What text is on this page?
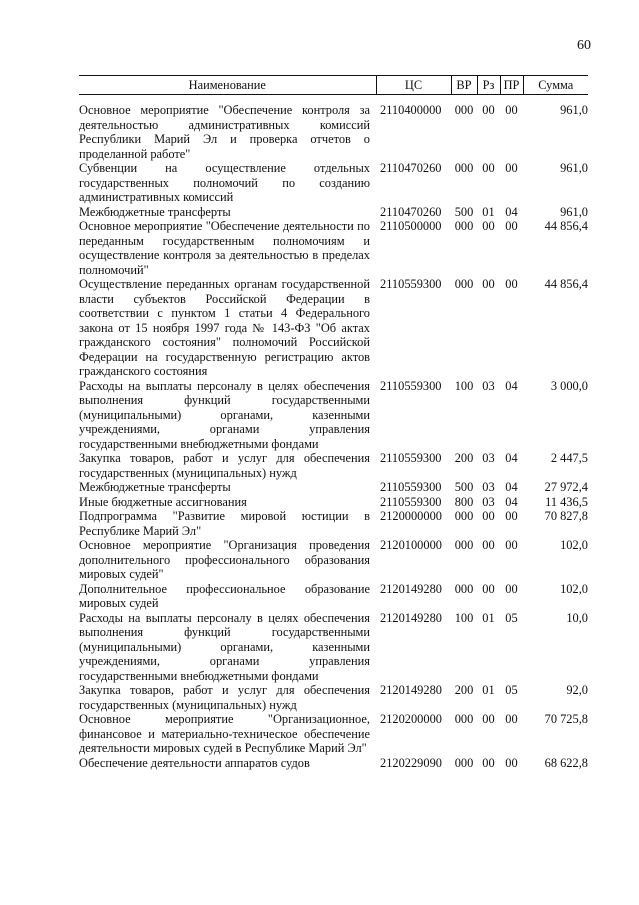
60
Наименование	ЦС	ВР	Рз	ПР	Сумма
Основное мероприятие "Обеспечение контроля за деятельностью административных комиссий Республики Марий Эл и проверка отчетов о проделанной работе"	2110400000	000	00	00	961,0
Субвенции на осуществление отдельных государственных полномочий по созданию административных комиссий	2110470260	000	00	00	961,0
Межбюджетные трансферты	2110470260	500	01	04	961,0
Основное мероприятие "Обеспечение деятельности по переданным государственным полномочиям и осуществление контроля за деятельностью в пределах полномочий"	2110500000	000	00	00	44 856,4
Осуществление переданных органам государственной власти субъектов Российской Федерации в соответствии с пунктом 1 статьи 4 Федерального закона от 15 ноября 1997 года № 143-ФЗ "Об актах гражданского состояния" полномочий Российской Федерации на государственную регистрацию актов гражданского состояния	2110559300	000	00	00	44 856,4
Расходы на выплаты персоналу в целях обеспечения выполнения функций государственными (муниципальными) органами, казенными учреждениями, органами управления государственными внебюджетными фондами	2110559300	100	03	04	3 000,0
Закупка товаров, работ и услуг для обеспечения государственных (муниципальных) нужд	2110559300	200	03	04	2 447,5
Межбюджетные трансферты	2110559300	500	03	04	27 972,4
Иные бюджетные ассигнования	2110559300	800	03	04	11 436,5
Подпрограмма "Развитие мировой юстиции в Республике Марий Эл"	2120000000	000	00	00	70 827,8
Основное мероприятие "Организация проведения дополнительного профессионального образования мировых судей"	2120100000	000	00	00	102,0
Дополнительное профессиональное образование мировых судей	2120149280	000	00	00	102,0
Расходы на выплаты персоналу в целях обеспечения выполнения функций государственными (муниципальными) органами, казенными учреждениями, органами управления государственными внебюджетными фондами	2120149280	100	01	05	10,0
Закупка товаров, работ и услуг для обеспечения государственных (муниципальных) нужд	2120149280	200	01	05	92,0
Основное мероприятие "Организационное, финансовое и материально-техническое обеспечение деятельности мировых судей в Республике Марий Эл"	2120200000	000	00	00	70 725,8
Обеспечение деятельности аппаратов судов	2120229090	000	00	00	68 622,8
